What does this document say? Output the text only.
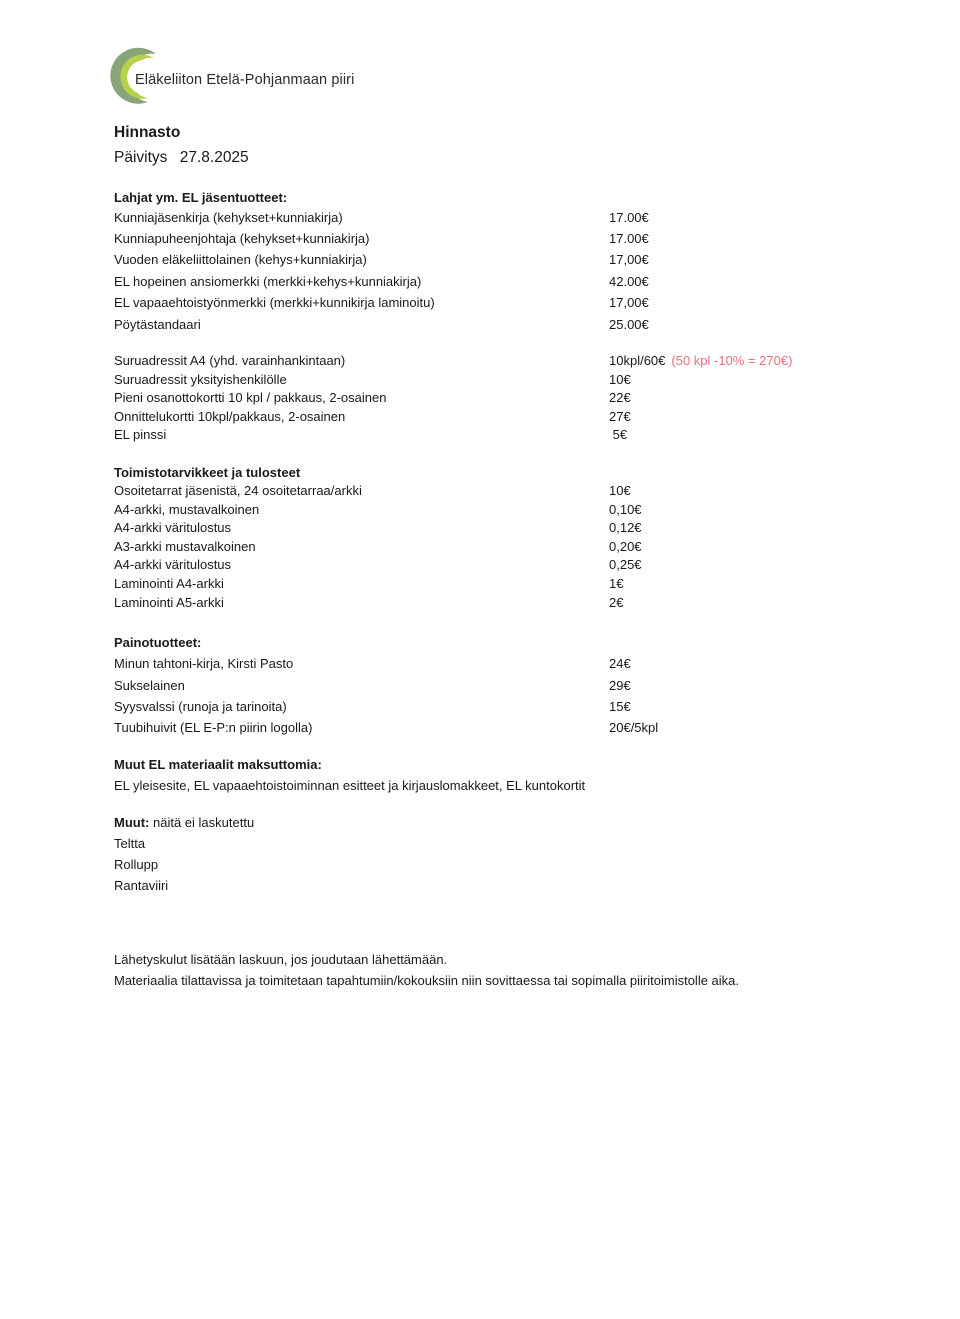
Eläkeliiton Etelä-Pohjanmaan piiri
Hinnasto
Päivitys 27.8.2025
Lahjat ym. EL jäsentuotteet:
Kunniajäsenkirja (kehykset+kunniakirja)	17.00€
Kunniapuheenjohtaja (kehykset+kunniakirja)	17.00€
Vuoden eläkeliittolainen (kehys+kunniakirja)	17,00€
EL hopeinen ansiomerkki (merkki+kehys+kunniakirja)	42.00€
EL vapaaehtoistyönmerkki (merkki+kunnikirja laminoitu)	17,00€
Pöytästandaari	25.00€
Suruadressit A4 (yhd. varainhankintaan)	10kpl/60€ (50 kpl -10% = 270€)
Suruadressit yksityishenkilölle	10€
Pieni osanottokortti 10 kpl / pakkaus, 2-osainen	22€
Onnittelukortti 10kpl/pakkaus, 2-osainen	27€
EL pinssi	5€
Toimistotarvikkeet ja tulosteet
Osoitetarrat jäsenistä, 24 osoitetarraa/arkki	10€
A4-arkki, mustavalkoinen	0,10€
A4-arkki väritulostus	0,12€
A3-arkki mustavalkoinen	0,20€
A4-arkki väritulostus	0,25€
Laminointi A4-arkki	1€
Laminointi A5-arkki	2€
Painotuotteet:
Minun tahtoni-kirja, Kirsti Pasto	24€
Sukselainen	29€
Syysvalssi (runoja ja tarinoita)	15€
Tuubihuivit (EL E-P:n piirin logolla)	20€/5kpl
Muut EL materiaalit maksuttomia:
EL yleisesite, EL vapaaehtoistoiminnan esitteet ja kirjauslomakkeet, EL kuntokortit
Muut: näitä ei laskutettu
Teltta
Rollupp
Rantaviiri
Lähetyskulut lisätään laskuun, jos joudutaan lähettämään.
Materiaalia tilattavissa ja toimitetaan tapahtumiin/kokouksiin niin sovittaessa tai sopimalla piiritoimistolle aika.
